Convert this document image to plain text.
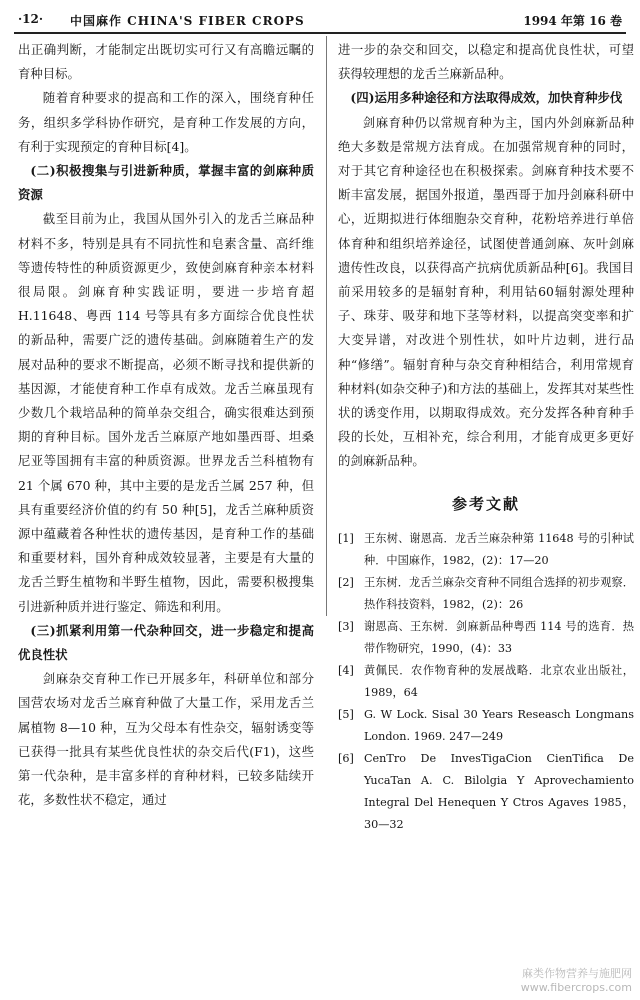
·12· 中国麻作 CHINA'S FIBER CROPS	1994 年第 16 卷

出正确判断，才能制定出既切实可行又有高瞻远瞩的育种目标。

随着育种要求的提高和工作的深入，围绕育种任务，组织多学科协作研究，是育种工作发展的方向，有利于实现预定的育种目标[4]。

(二)积极搜集与引进新种质，掌握丰富的剑麻种质资源

截至目前为止，我国从国外引入的龙舌兰麻品种材料不多，特别是具有不同抗性和皂素含量、高纤维等遗传特性的种质资源更少，致使剑麻育种亲本材料很局限。剑麻育种实践证明，要进一步培育超 H.11648、粤西 114 号等具有多方面综合优良性状的新品种，需要广泛的遗传基础。剑麻随着生产的发展对品种的要求不断提高，必须不断寻找和提供新的基因源，才能使育种工作卓有成效。龙舌兰麻虽现有少数几个栽培品种的简单杂交组合，确实很难达到预期的育种目标。国外龙舌兰麻原产地如墨西哥、坦桑尼亚等国拥有丰富的种质资源。世界龙舌兰科植物有 21 个属 670 种，其中主要的是龙舌兰属 257 种，但具有重要经济价值的约有 50 种[5]，龙舌兰麻种质资源中蕴藏着各种性状的遗传基因，是育种工作的基础和重要材料，国外育种成效较显著，主要是有大量的龙舌兰野生植物和半野生植物，因此，需要积极搜集引进新种质并进行鉴定、筛选和利用。

(三)抓紧利用第一代杂种回交，进一步稳定和提高优良性状

剑麻杂交育种工作已开展多年，科研单位和部分国营农场对龙舌兰麻育种做了大量工作，采用龙舌兰属植物 8—10 种，互为父母本有性杂交，辐射诱变等已获得一批具有某些优良性状的杂交后代(F1)，这些第一代杂种，是丰富多样的育种材料，已较多陆续开花，多数性状不稳定，通过

进一步的杂交和回交，以稳定和提高优良性状，可望获得较理想的龙舌兰麻新品种。

(四)运用多种途径和方法取得成效，加快育种步伐

剑麻育种仍以常规育种为主，国内外剑麻新品种绝大多数是常规方法育成。在加强常规育种的同时，对于其它育种途径也在积极探索。剑麻育种技术要不断丰富发展，据国外报道，墨西哥于加丹剑麻科研中心，近期拟进行体细胞杂交育种，花粉培养进行单倍体育种和组织培养途径，试图使普通剑麻、灰叶剑麻遗传性改良，以获得高产抗病优质新品种[6]。我国目前采用较多的是辐射育种，利用钴60辐射源处理种子、珠芽、吸芽和地下茎等材料，以提高突变率和扩大变异谱，对改进个别性状，如叶片边刺，进行品种“修缮”。辐射育种与杂交育种相结合，利用常规育种材料(如杂交种子)和方法的基础上，发挥其对某些性状的诱变作用，以期取得成效。充分发挥各种育种手段的长处，互相补充，综合利用，才能育成更多更好的剑麻新品种。

参考文献
[1] 王东树、谢恩高．龙舌兰麻杂种第 11648 号的引种试种．中国麻作，1982，(2)：17—20
[2] 王东树．龙舌兰麻杂交育种不同组合选择的初步观察．热作科技资料，1982，(2)：26
[3] 谢恩高、王东树．剑麻新品种粤西 114 号的选育．热带作物研究，1990，(4)：33
[4] 黄佩民．农作物育种的发展战略．北京农业出版社，1989，64
[5] G. W Lock. Sisal 30 Years Reseasch Longmans London. 1969. 247—249
[6] CenTro De InvesTigaCion CienTifica De YucaTan A. C. Bilolgia Y Aprovechamiento Integral Del Henequen Y Ctros Agaves 1985，30—32
麻类作物营养与施肥网
www.fibercrops.com
